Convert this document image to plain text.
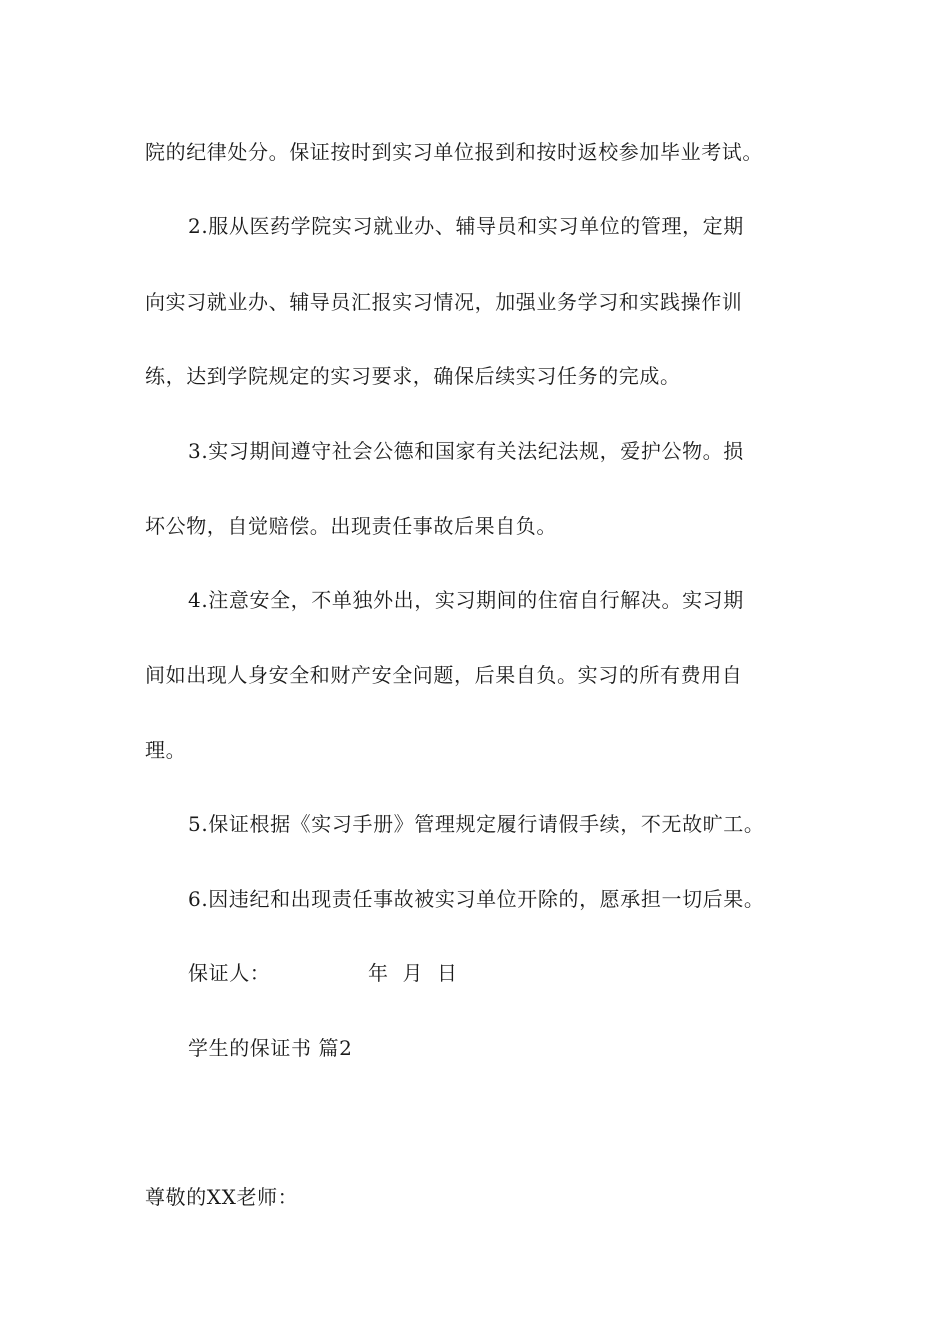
院的纪律处分。保证按时到实习单位报到和按时返校参加毕业考试。
2.服从医药学院实习就业办、辅导员和实习单位的管理，定期
向实习就业办、辅导员汇报实习情况，加强业务学习和实践操作训
练，达到学院规定的实习要求，确保后续实习任务的完成。
3.实习期间遵守社会公德和国家有关法纪法规，爱护公物。损
坏公物，自觉赔偿。出现责任事故后果自负。
4.注意安全，不单独外出，实习期间的住宿自行解决。实习期
间如出现人身安全和财产安全问题，后果自负。实习的所有费用自
理。
5.保证根据《实习手册》管理规定履行请假手续，不无故旷工。
6.因违纪和出现责任事故被实习单位开除的，愿承担一切后果。
保证人：	年  月  日
学生的保证书 篇2
尊敬的XX老师：
